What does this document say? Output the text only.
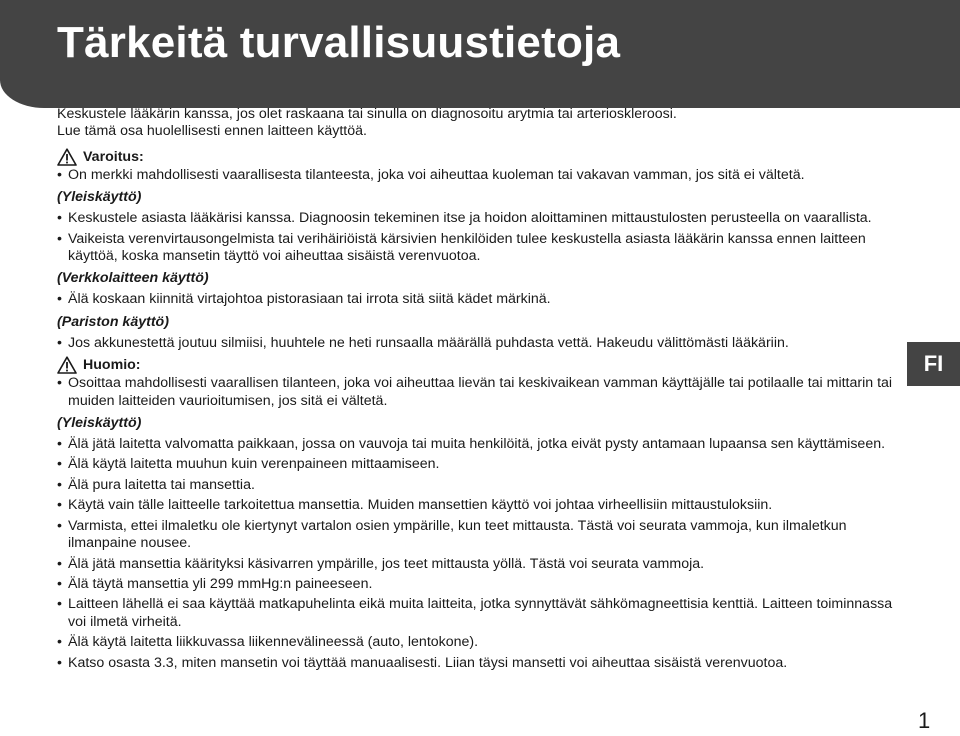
Tärkeitä turvallisuustietoja
Keskustele lääkärin kanssa, jos olet raskaana tai sinulla on diagnosoitu arytmia tai arterioskleroosi.
Lue tämä osa huolellisesti ennen laitteen käyttöä.
Varoitus:
• On merkki mahdollisesti vaarallisesta tilanteesta, joka voi aiheuttaa kuoleman tai vakavan vamman, jos sitä ei vältetä.
(Yleiskäyttö)
• Keskustele asiasta lääkärisi kanssa. Diagnoosin tekeminen itse ja hoidon aloittaminen mittaustulosten perusteella on vaarallista.
• Vaikeista verenvirtausongelmista tai verihäiriöistä kärsivien henkilöiden tulee keskustella asiasta lääkärin kanssa ennen laitteen käyttöä, koska mansetin täyttö voi aiheuttaa sisäistä verenvuotoa.
(Verkkolaitteen käyttö)
• Älä koskaan kiinnitä virtajohtoa pistorasiaan tai irrota sitä siitä kädet märkinä.
(Pariston käyttö)
• Jos akkunestettä joutuu silmiisi, huuhtele ne heti runsaalla määrällä puhdasta vettä. Hakeudu välittömästi lääkäriin.
Huomio:
• Osoittaa mahdollisesti vaarallisen tilanteen, joka voi aiheuttaa lievän tai keskivaikean vamman käyttäjälle tai potilaalle tai mittarin tai muiden laitteiden vaurioitumisen, jos sitä ei vältetä.
(Yleiskäyttö)
• Älä jätä laitetta valvomatta paikkaan, jossa on vauvoja tai muita henkilöitä, jotka eivät pysty antamaan lupaansa sen käyttämiseen.
• Älä käytä laitetta muuhun kuin verenpaineen mittaamiseen.
• Älä pura laitetta tai mansettia.
• Käytä vain tälle laitteelle tarkoitettua mansettia. Muiden mansettien käyttö voi johtaa virheellisiin mittaustuloksiin.
• Varmista, ettei ilmaletku ole kiertynyt vartalon osien ympärille, kun teet mittausta. Tästä voi seurata vammoja, kun ilmaletkun ilmanpaine nousee.
• Älä jätä mansettia käärityksi käsivarren ympärille, jos teet mittausta yöllä. Tästä voi seurata vammoja.
• Älä täytä mansettia yli 299 mmHg:n paineeseen.
• Laitteen lähellä ei saa käyttää matkapuhelinta eikä muita laitteita, jotka synnyttävät sähkömagneettisia kenttiä. Laitteen toiminnassa voi ilmetä virheitä.
• Älä käytä laitetta liikkuvassa liikennevälineessä (auto, lentokone).
• Katso osasta 3.3, miten mansetin voi täyttää manuaalisesti. Liian täysi mansetti voi aiheuttaa sisäistä verenvuotoa.
FI
1
